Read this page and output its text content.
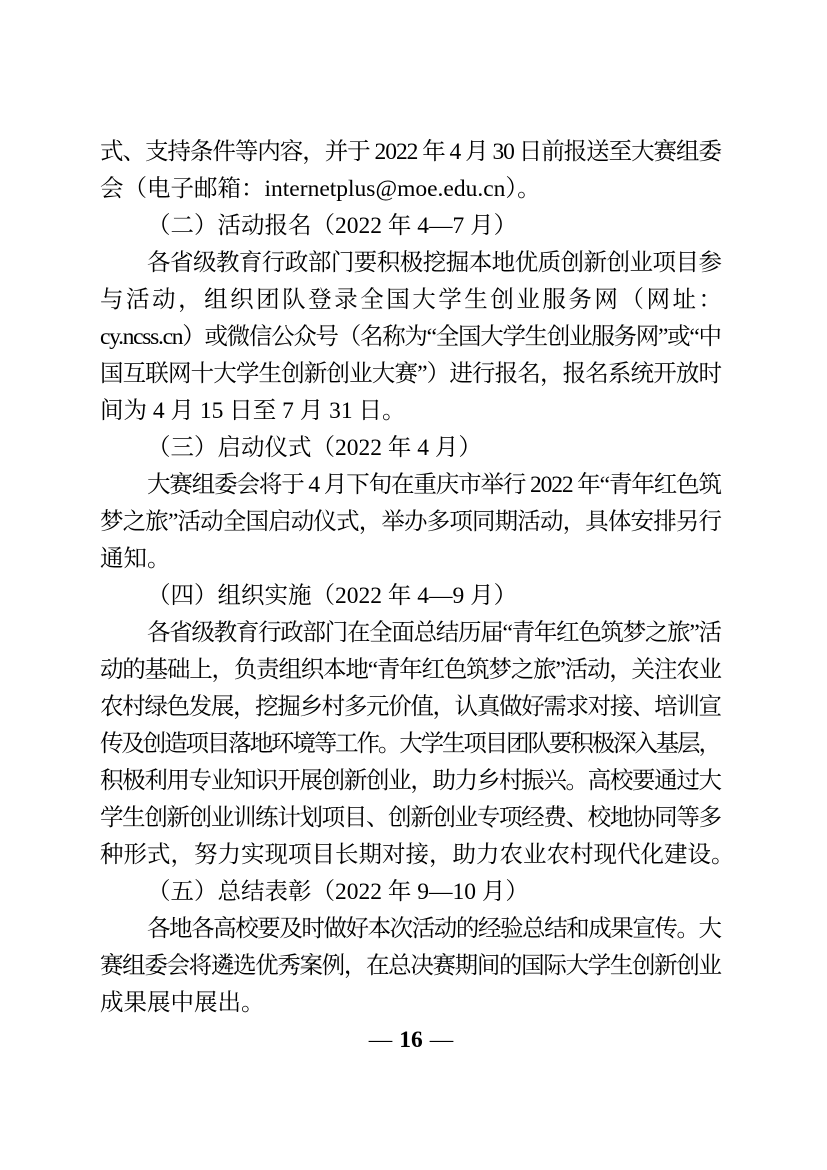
式、支持条件等内容，并于 2022 年 4 月 30 日前报送至大赛组委
会（电子邮箱：internetplus@moe.edu.cn）。
（二）活动报名（2022 年 4—7 月）
各省级教育行政部门要积极挖掘本地优质创新创业项目参
与活动，组织团队登录全国大学生创业服务网（网址：
cy.ncss.cn）或微信公众号（名称为“全国大学生创业服务网”或“中
国互联网十大学生创新创业大赛”）进行报名，报名系统开放时
间为 4 月 15 日至 7 月 31 日。
（三）启动仪式（2022 年 4 月）
大赛组委会将于 4 月下旬在重庆市举行 2022 年“青年红色筑
梦之旅”活动全国启动仪式，举办多项同期活动，具体安排另行
通知。
（四）组织实施（2022 年 4—9 月）
各省级教育行政部门在全面总结历届“青年红色筑梦之旅”活
动的基础上，负责组织本地“青年红色筑梦之旅”活动，关注农业
农村绿色发展，挖掘乡村多元价值，认真做好需求对接、培训宣
传及创造项目落地环境等工作。大学生项目团队要积极深入基层，
积极利用专业知识开展创新创业，助力乡村振兴。高校要通过大
学生创新创业训练计划项目、创新创业专项经费、校地协同等多
种形式，努力实现项目长期对接，助力农业农村现代化建设。
（五）总结表彰（2022 年 9—10 月）
各地各高校要及时做好本次活动的经验总结和成果宣传。大
赛组委会将遴选优秀案例，在总决赛期间的国际大学生创新创业
成果展中展出。
— 16 —
